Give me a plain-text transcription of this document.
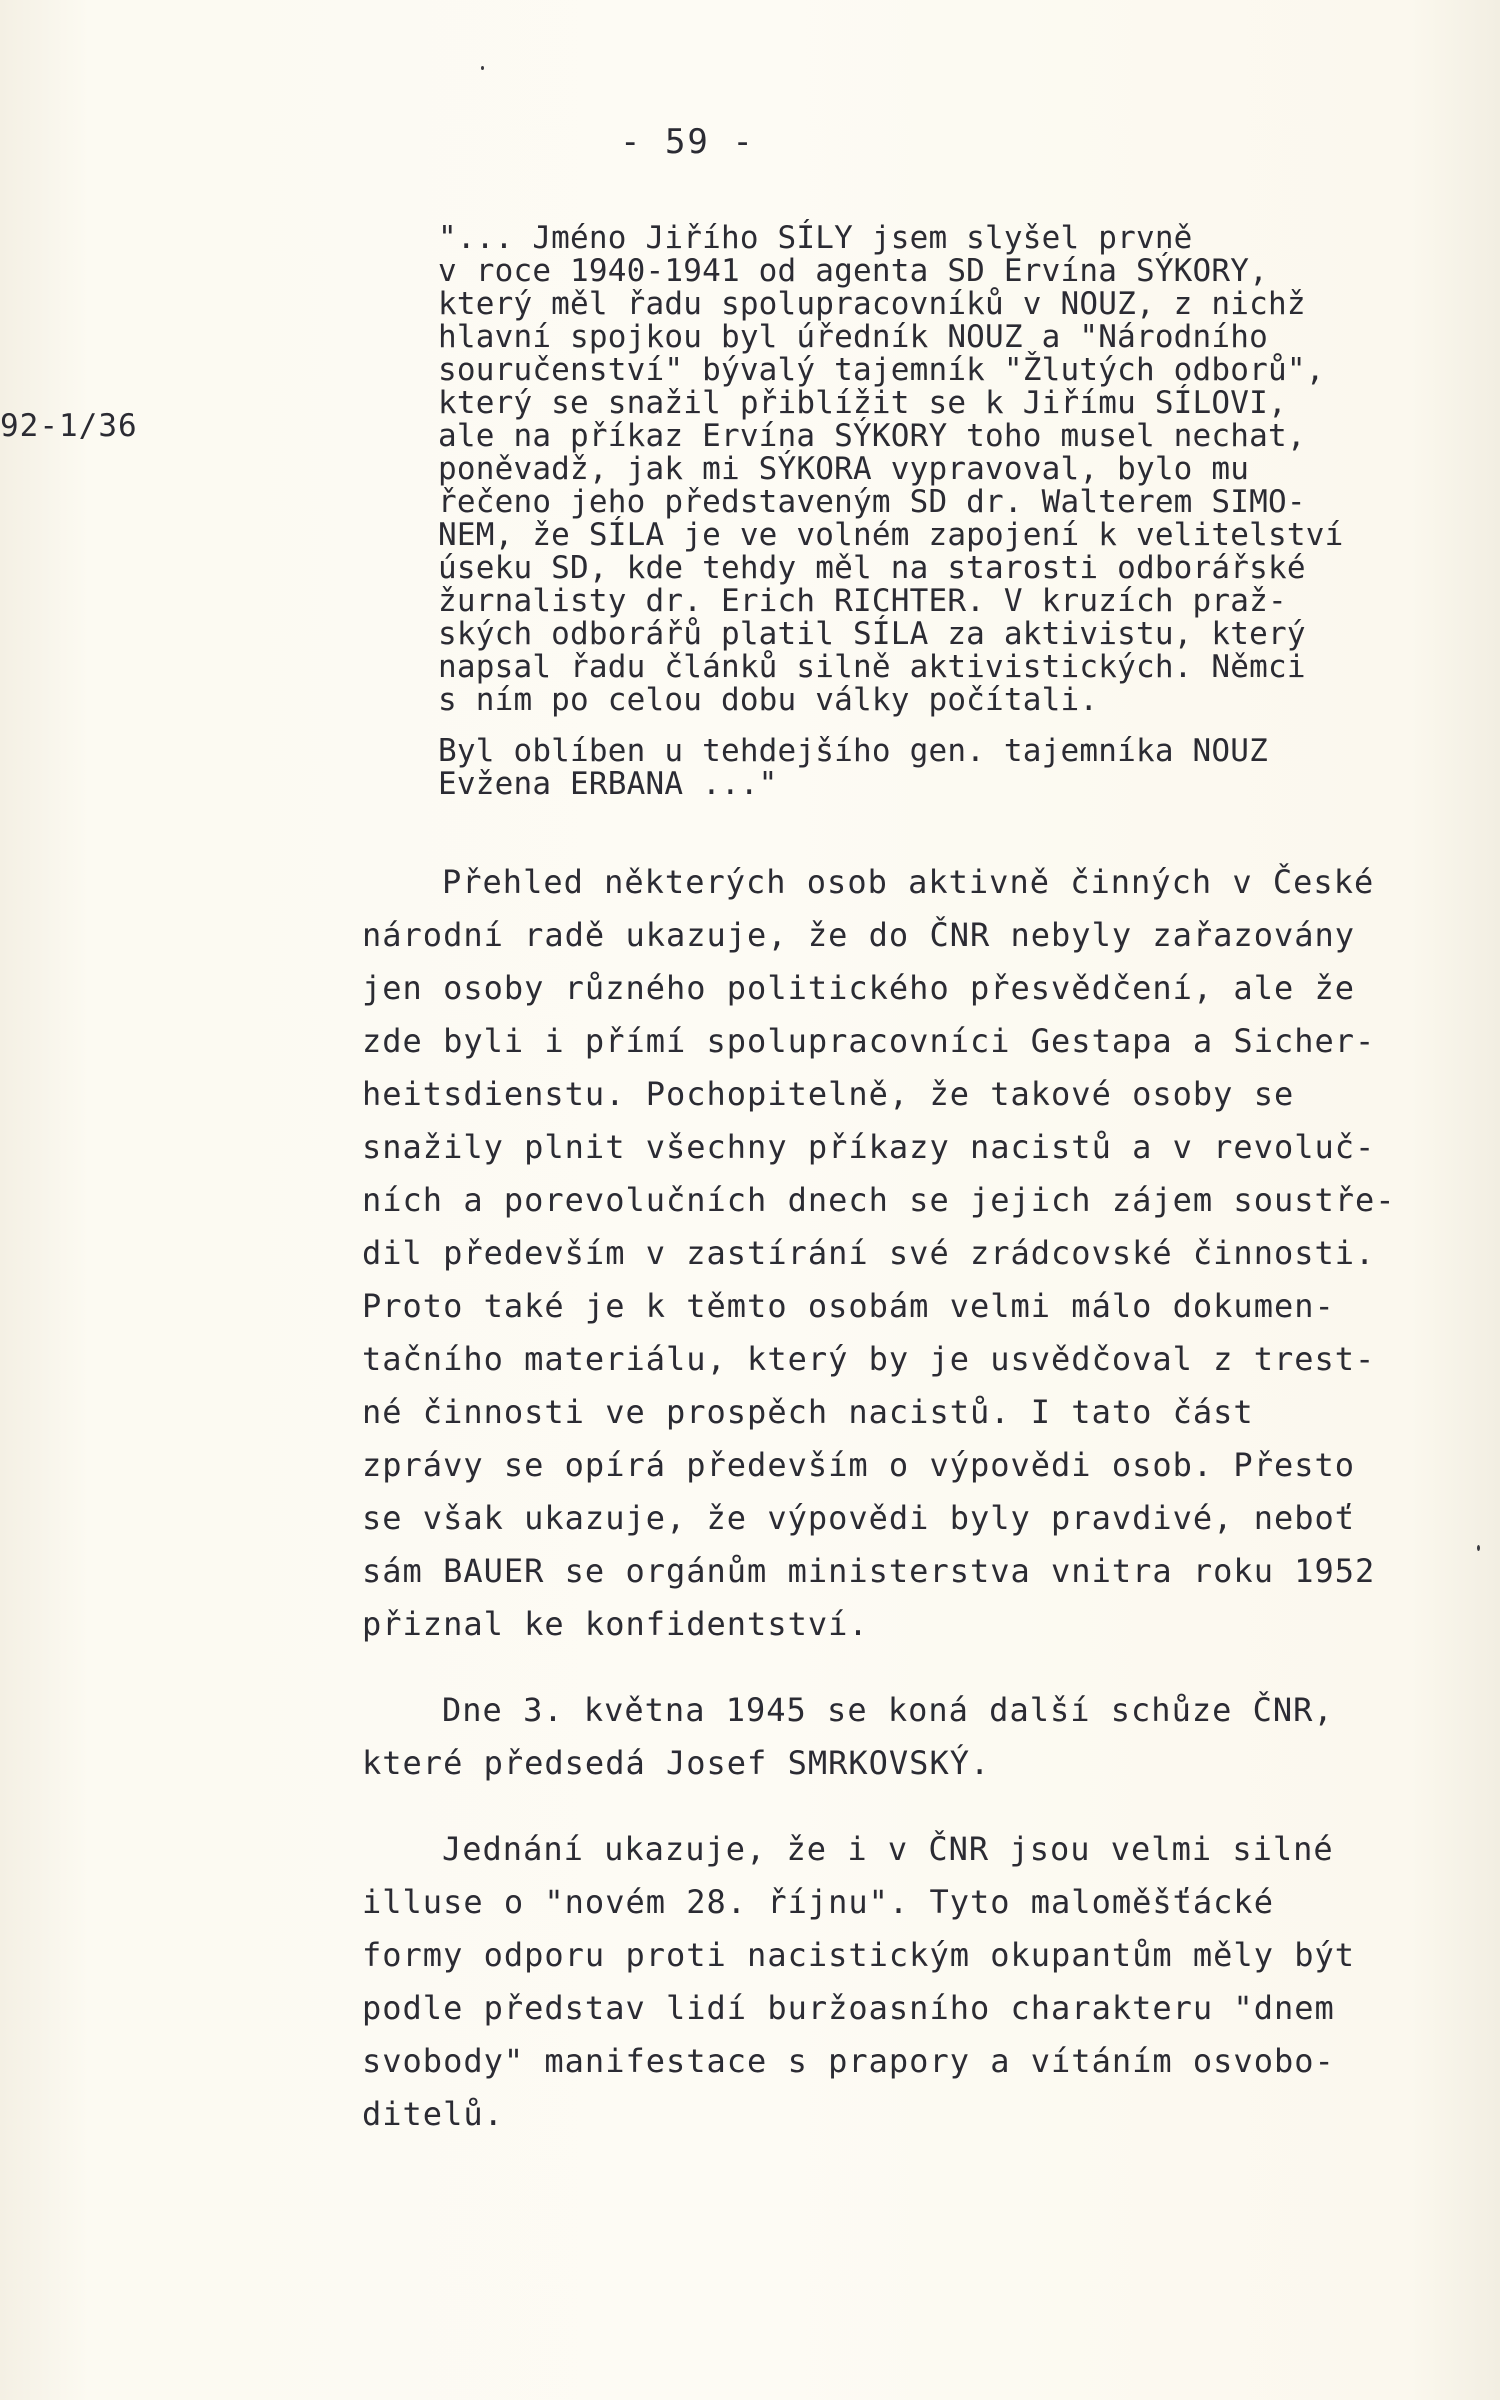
- 59 -
92-1/36

"... Jméno Jiřího SÍLY jsem slyšel prvně
v roce 1940-1941 od agenta SD Ervína SÝKORY,
který měl řadu spolupracovníků v NOUZ, z nichž
hlavní spojkou byl úředník NOUZ a "Národního
souručenství" bývalý tajemník "Žlutých odborů",
který se snažil přiblížit se k Jiřímu SÍLOVI,
ale na příkaz Ervína SÝKORY toho musel nechat,
poněvadž, jak mi SÝKORA vypravoval, bylo mu
řečeno jeho představeným SD dr. Walterem SIMO-
NEM, že SÍLA je ve volném zapojení k velitelství
úseku SD, kde tehdy měl na starosti odborářské
žurnalisty dr. Erich RICHTER. V kruzích praž-
ských odborářů platil SÍLA za aktivistu, který
napsal řadu článků silně aktivistických. Němci
s ním po celou dobu války počítali.

Byl oblíben u tehdejšího gen. tajemníka NOUZ
Evžena ERBANA ..."

Přehled některých osob aktivně činných v České
národní radě ukazuje, že do ČNR nebyly zařazovány
jen osoby různého politického přesvědčení, ale že
zde byli i přímí spolupracovníci Gestapa a Sicher-
heitsdienstu. Pochopitelně, že takové osoby se
snažily plnit všechny příkazy nacistů a v revoluč-
ních a porevolučních dnech se jejich zájem soustře-
dil především v zastírání své zrádcovské činnosti.
Proto také je k těmto osobám velmi málo dokumen-
tačního materiálu, který by je usvědčoval z trest-
né činnosti ve prospěch nacistů. I tato část
zprávy se opírá především o výpovědi osob. Přesto
se však ukazuje, že výpovědi byly pravdivé, neboť
sám BAUER se orgánům ministerstva vnitra roku 1952
přiznal ke konfidentství.

Dne 3. května 1945 se koná další schůze ČNR,
které předsedá Josef SMRKOVSKÝ.

Jednání ukazuje, že i v ČNR jsou velmi silné
illuse o "novém 28. říjnu". Tyto maloměšťácké
formy odporu proti nacistickým okupantům měly být
podle představ lidí buržoasního charakteru "dnem
svobody" manifestace s prapory a vítáním osvobo-
ditelů.
